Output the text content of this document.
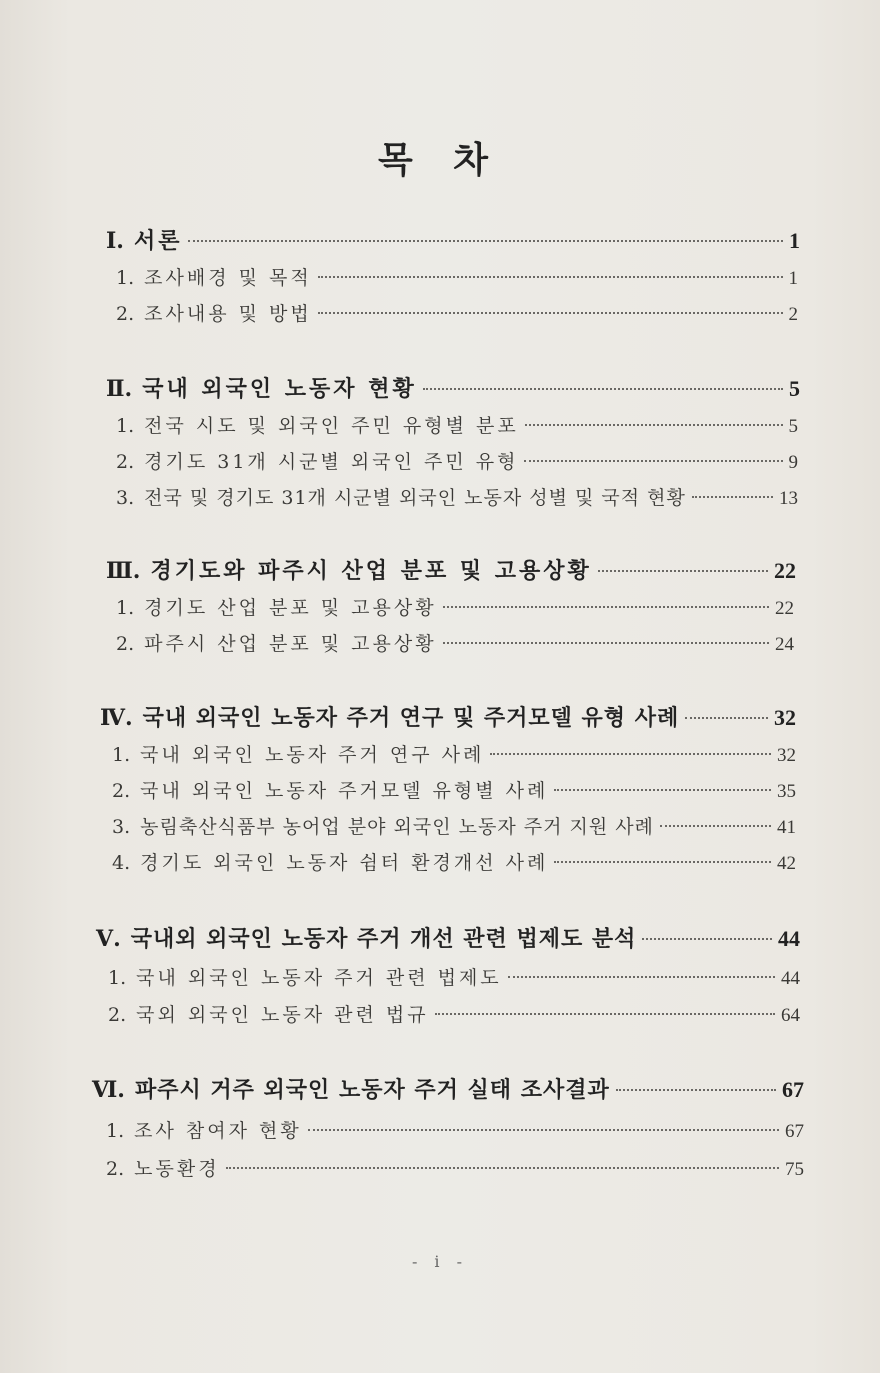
목 차
Ⅰ. 서론	1
1. 조사배경 및 목적	1
2. 조사내용 및 방법	2
Ⅱ. 국내 외국인 노동자 현황	5
1. 전국 시도 및 외국인 주민 유형별 분포	5
2. 경기도 31개 시군별 외국인 주민 유형	9
3. 전국 및 경기도 31개 시군별 외국인 노동자 성별 및 국적 현황	13
Ⅲ. 경기도와 파주시 산업 분포 및 고용상황	22
1. 경기도 산업 분포 및 고용상황	22
2. 파주시 산업 분포 및 고용상황	24
Ⅳ. 국내 외국인 노동자 주거 연구 및 주거모델 유형 사례	32
1. 국내 외국인 노동자 주거 연구 사례	32
2. 국내 외국인 노동자 주거모델 유형별 사례	35
3. 농림축산식품부 농어업 분야 외국인 노동자 주거 지원 사례	41
4. 경기도 외국인 노동자 쉼터 환경개선 사례	42
Ⅴ. 국내외 외국인 노동자 주거 개선 관련 법제도 분석	44
1. 국내 외국인 노동자 주거 관련 법제도	44
2. 국외 외국인 노동자 관련 법규	64
Ⅵ. 파주시 거주 외국인 노동자 주거 실태 조사결과	67
1. 조사 참여자 현황	67
2. 노동환경	75
- i -
